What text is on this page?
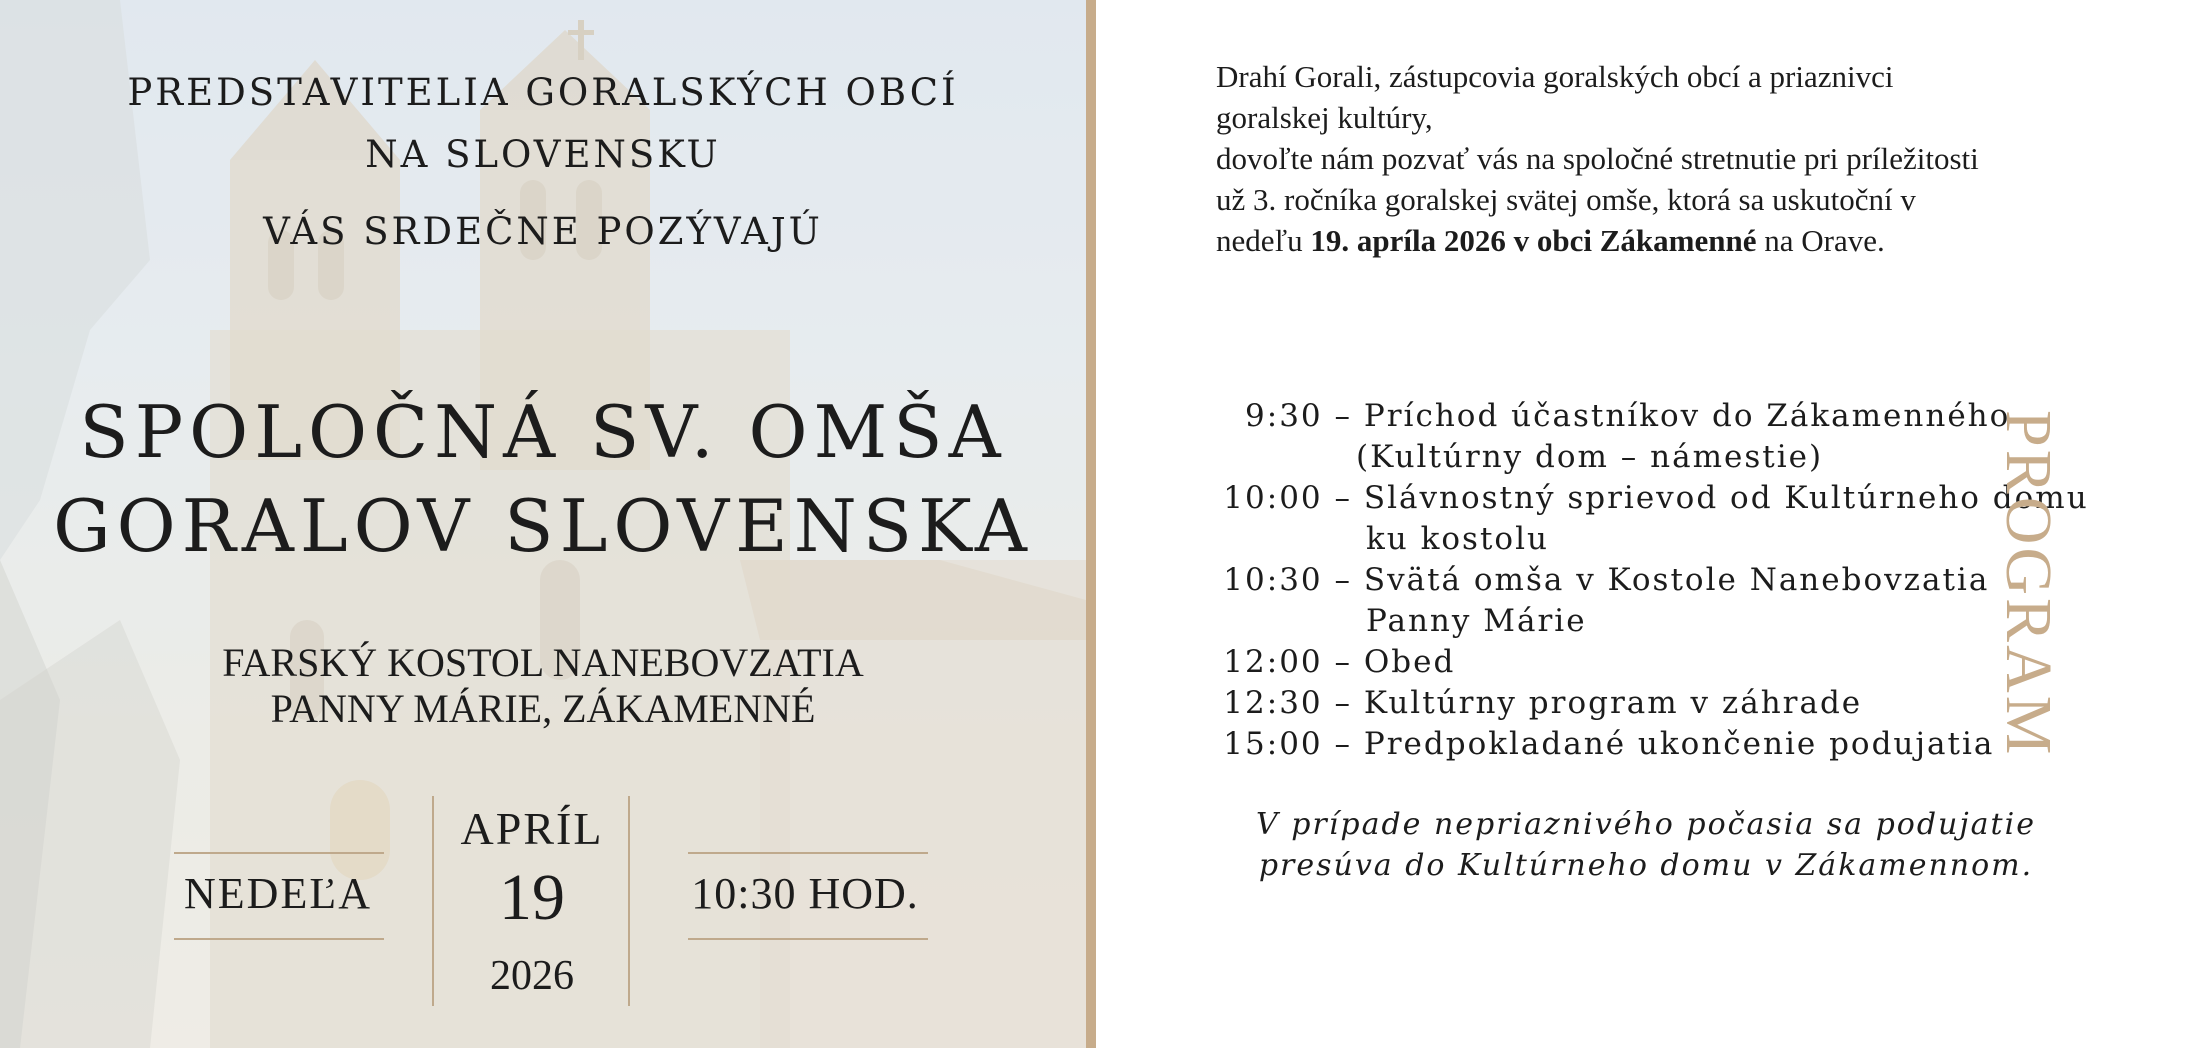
PREDSTAVITELIA GORALSKÝCH OBCÍ
NA SLOVENSKU
VÁS SRDEČNE POZÝVAJÚ
SPOLOČNÁ SV. OMŠA
GORALOV SLOVENSKA
FARSKÝ KOSTOL NANEBOVZATIA
PANNY MÁRIE, ZÁKAMENNÉ
NEDEĽA
APRÍL
19
2026
10:30 HOD.
Drahí Gorali, zástupcovia goralských obcí a priaznivci
goralskej kultúry,
dovoľte nám pozvať vás na spoločné stretnutie pri príležitosti
už 3. ročníka goralskej svätej omše, ktorá sa uskutoční v
nedeľu 19. apríla 2026 v obci Zákamenné na Orave.
9:30 –
Príchod účastníkov do Zákamenného
(Kultúrny dom – námestie)
10:00 –
Slávnostný sprievod od Kultúrneho domu
ku kostolu
10:30 –
Svätá omša v Kostole Nanebovzatia
Panny Márie
12:00 –
Obed
12:30 –
Kultúrny program v záhrade
15:00 –
Predpokladané ukončenie podujatia
V prípade nepriaznivého počasia sa podujatie
presúva do Kultúrneho domu v Zákamennom.
PROGRAM
